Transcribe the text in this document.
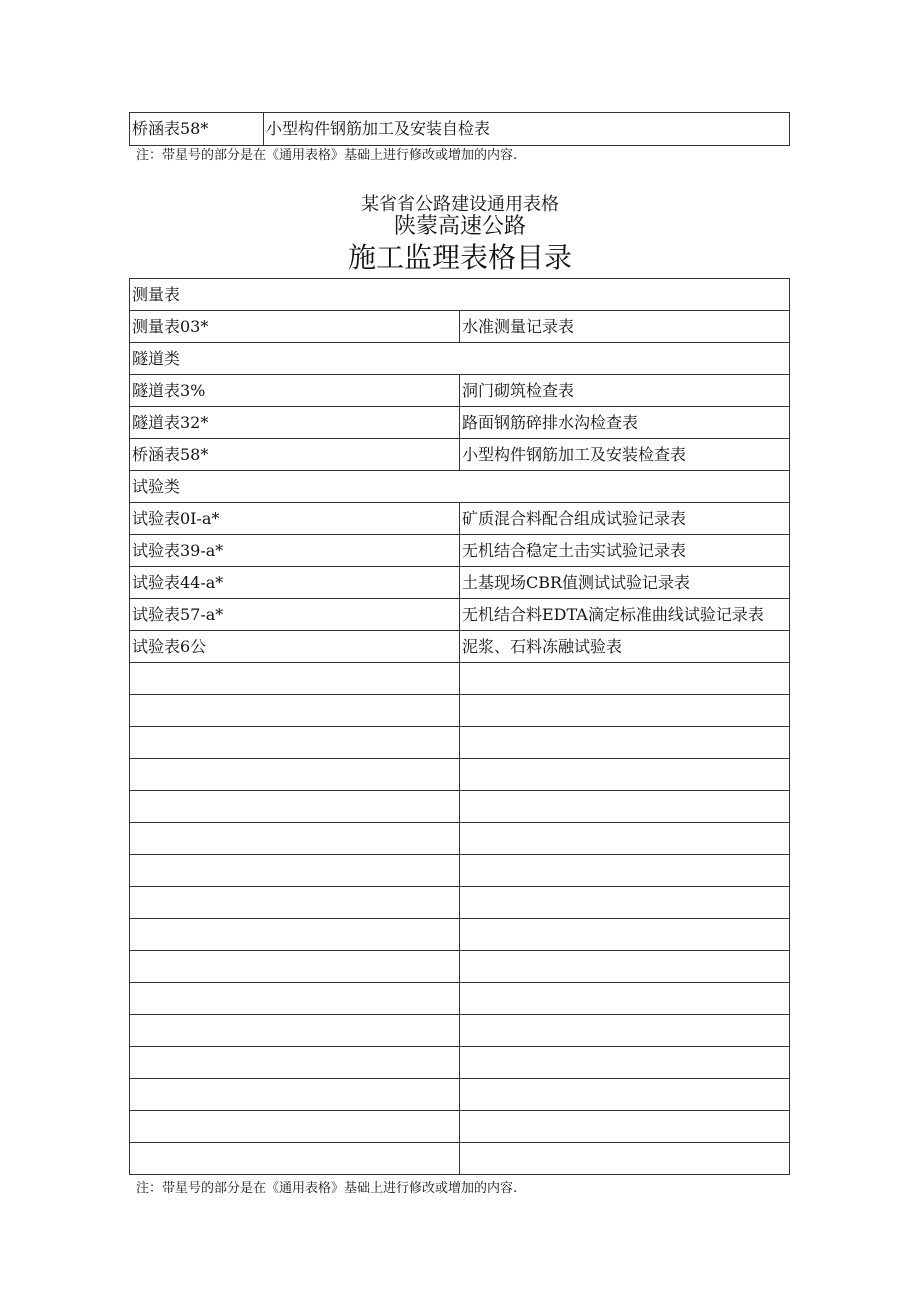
桥涵表58*	小型构件钢筋加工及安装自检表
注：带星号的部分是在《通用表格》基础上进行修改或增加的内容.
某省省公路建设通用表格
陕蒙高速公路
施工监理表格目录
测量表	
测量表03*	水准测量记录表
隧道类	
隧道表3%	洞门砌筑检查表
隧道表32*	路面钢筋碎排水沟检查表
桥涵表58*	小型构件钢筋加工及安装检查表
试验类	
试验表0I-a*	矿质混合料配合组成试验记录表
试验表39-a*	无机结合稳定土击实试验记录表
试验表44-a*	土基现场CBR值测试试验记录表
试验表57-a*	无机结合料EDTA滴定标准曲线试验记录表
试验表6公	泥浆、石料冻融试验表

注：带星号的部分是在《通用表格》基础上进行修改或增加的内容.
